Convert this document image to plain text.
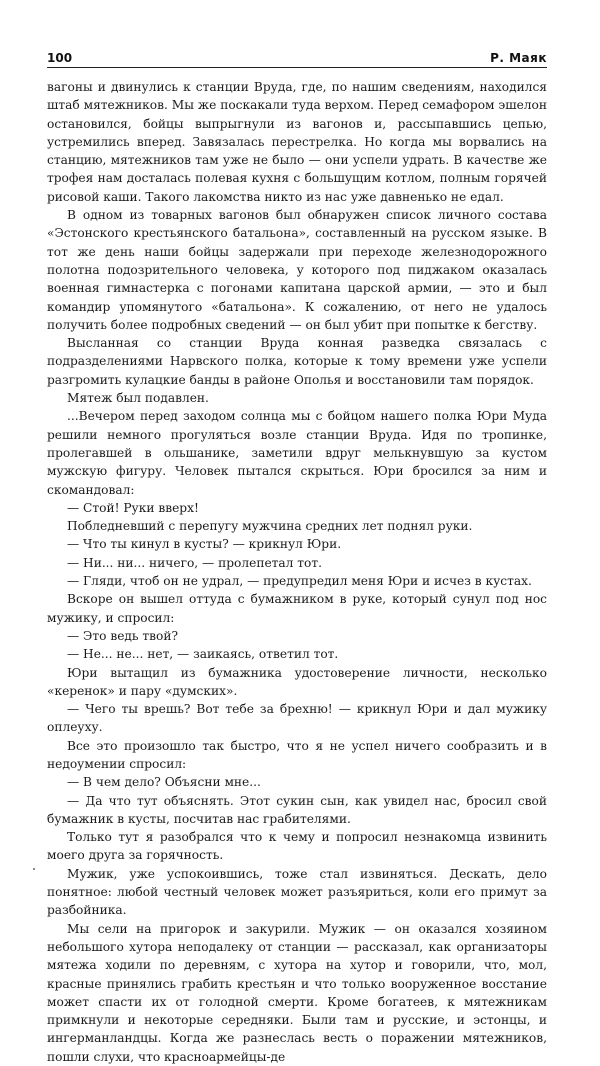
100	Р. Маяк

вагоны и двинулись к станции Вруда, где, по нашим сведениям, находился штаб мятежников. Мы же поскакали туда верхом. Перед семафором эшелон остановился, бойцы выпрыгнули из вагонов и, рассыпавшись цепью, устремились вперед. Завязалась перестрелка. Но когда мы ворвались на станцию, мятежников там уже не было — они успели удрать. В качестве же трофея нам досталась полевая кухня с большущим котлом, полным горячей рисовой каши. Такого лакомства никто из нас уже давненько не едал.

В одном из товарных вагонов был обнаружен список личного состава «Эстонского крестьянского батальона», составленный на русском языке. В тот же день наши бойцы задержали при переходе железнодорожного полотна подозрительного человека, у которого под пиджаком оказалась военная гимнастерка с погонами капитана царской армии, — это и был командир упомянутого «батальона». К сожалению, от него не удалось получить более подробных сведений — он был убит при попытке к бегству.

Высланная со станции Вруда конная разведка связалась с подразделениями Нарвского полка, которые к тому времени уже успели разгромить кулацкие банды в районе Ополья и восстановили там порядок.

Мятеж был подавлен.

...Вечером перед заходом солнца мы с бойцом нашего полка Юри Муда решили немного прогуляться возле станции Вруда. Идя по тропинке, пролегавшей в ольшанике, заметили вдруг мелькнувшую за кустом мужскую фигуру. Человек пытался скрыться. Юри бросился за ним и скомандовал:

— Стой! Руки вверх!

Побледневший с перепугу мужчина средних лет поднял руки.

— Что ты кинул в кусты? — крикнул Юри.

— Ни... ни... ничего, — пролепетал тот.

— Гляди, чтоб он не удрал, — предупредил меня Юри и исчез в кустах.

Вскоре он вышел оттуда с бумажником в руке, который сунул под нос мужику, и спросил:

— Это ведь твой?

— Не... не... нет, — заикаясь, ответил тот.

Юри вытащил из бумажника удостоверение личности, несколько «керенок» и пару «думских».

— Чего ты врешь? Вот тебе за брехню! — крикнул Юри и дал мужику оплеуху.

Все это произошло так быстро, что я не успел ничего сообразить и в недоумении спросил:

— В чем дело? Объясни мне...

— Да что тут объяснять. Этот сукин сын, как увидел нас, бросил свой бумажник в кусты, посчитав нас грабителями.

Только тут я разобрался что к чему и попросил незнакомца извинить моего друга за горячность.

Мужик, уже успокоившись, тоже стал извиняться. Дескать, дело понятное: любой честный человек может разъяриться, коли его примут за разбойника.

Мы сели на пригорок и закурили. Мужик — он оказался хозяином небольшого хутора неподалеку от станции — рассказал, как организаторы мятежа ходили по деревням, с хутора на хутор и говорили, что, мол, красные принялись грабить крестьян и что только вооруженное восстание может спасти их от голодной смерти. Кроме богатеев, к мятежникам примкнули и некоторые середняки. Были там и русские, и эстонцы, и ингерманландцы. Когда же разнеслась весть о поражении мятежников, пошли слухи, что красноармейцы-де
